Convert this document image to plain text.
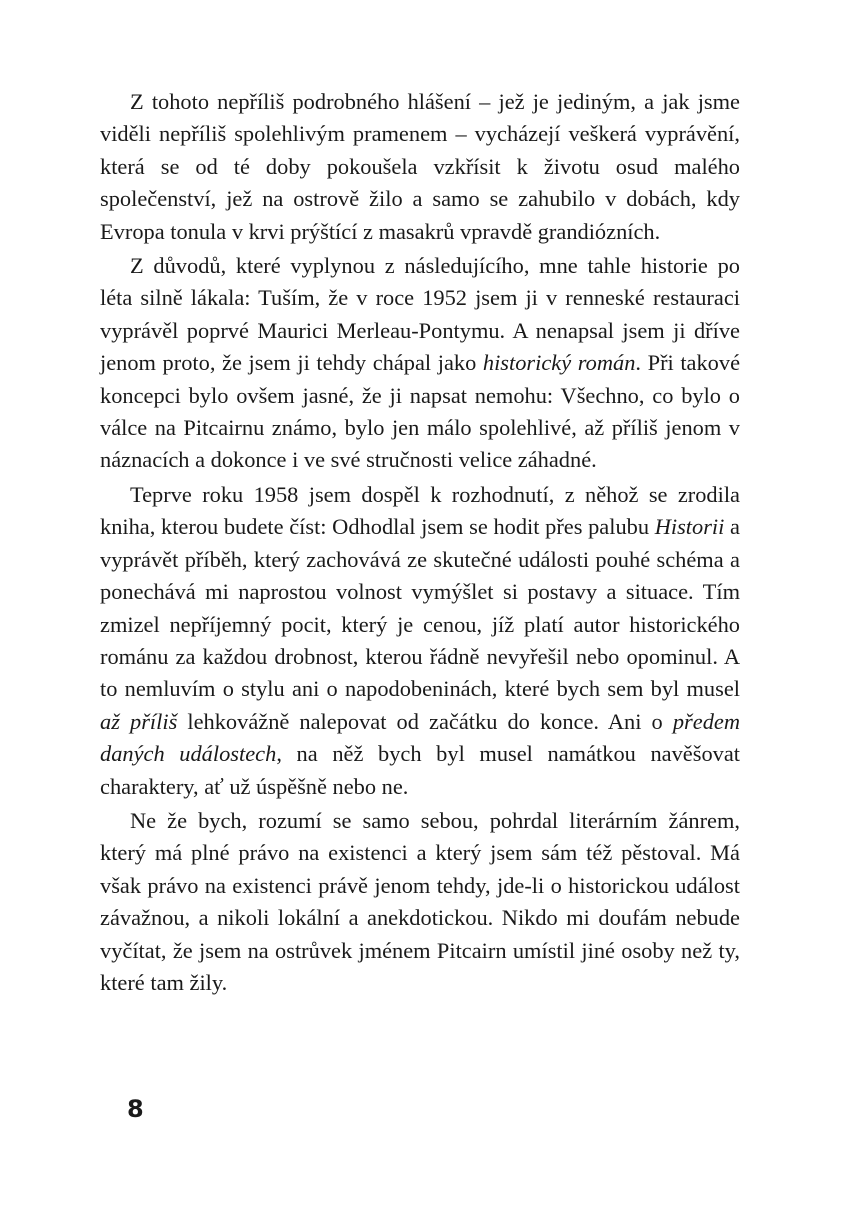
Z tohoto nepříliš podrobného hlášení – jež je jediným, a jak jsme viděli nepříliš spolehlivým pramenem – vycházejí veškerá vyprávění, která se od té doby pokoušela vzkřísit k životu osud malého společenství, jež na ostrově žilo a samo se zahubilo v dobách, kdy Evropa tonula v krvi prýštící z masakrů vpravdě grandiózních.

Z důvodů, které vyplynou z následujícího, mne tahle historie po léta silně lákala: Tuším, že v roce 1952 jsem ji v renneské restauraci vyprávěl poprvé Maurici Merleau-Pontymu. A nenapsal jsem ji dříve jenom proto, že jsem ji tehdy chápal jako historický román. Při takové koncepci bylo ovšem jasné, že ji napsat nemohu: Všechno, co bylo o válce na Pitcairnu známo, bylo jen málo spolehlivé, až příliš jenom v náznacích a dokonce i ve své stručnosti velice záhadné.

Teprve roku 1958 jsem dospěl k rozhodnutí, z něhož se zrodila kniha, kterou budete číst: Odhodlal jsem se hodit přes palubu Historii a vyprávět příběh, který zachovává ze skutečné události pouhé schéma a ponechává mi naprostou volnost vymýšlet si postavy a situace. Tím zmizel nepříjemný pocit, který je cenou, jíž platí autor historického románu za každou drobnost, kterou řádně nevyřešil nebo opominul. A to nemluvím o stylu ani o napodobeninách, které bych sem byl musel až příliš lehkovážně nalepovat od začátku do konce. Ani o předem daných událostech, na něž bych byl musel namátkou navěšovat charaktery, ať už úspěšně nebo ne.

Ne že bych, rozumí se samo sebou, pohrdal literárním žánrem, který má plné právo na existenci a který jsem sám též pěstoval. Má však právo na existenci právě jenom tehdy, jde-li o historickou událost závažnou, a nikoli lokální a anekdotickou. Nikdo mi doufám nebude vyčítat, že jsem na ostrůvek jménem Pitcairn umístil jiné osoby než ty, které tam žily.

8
